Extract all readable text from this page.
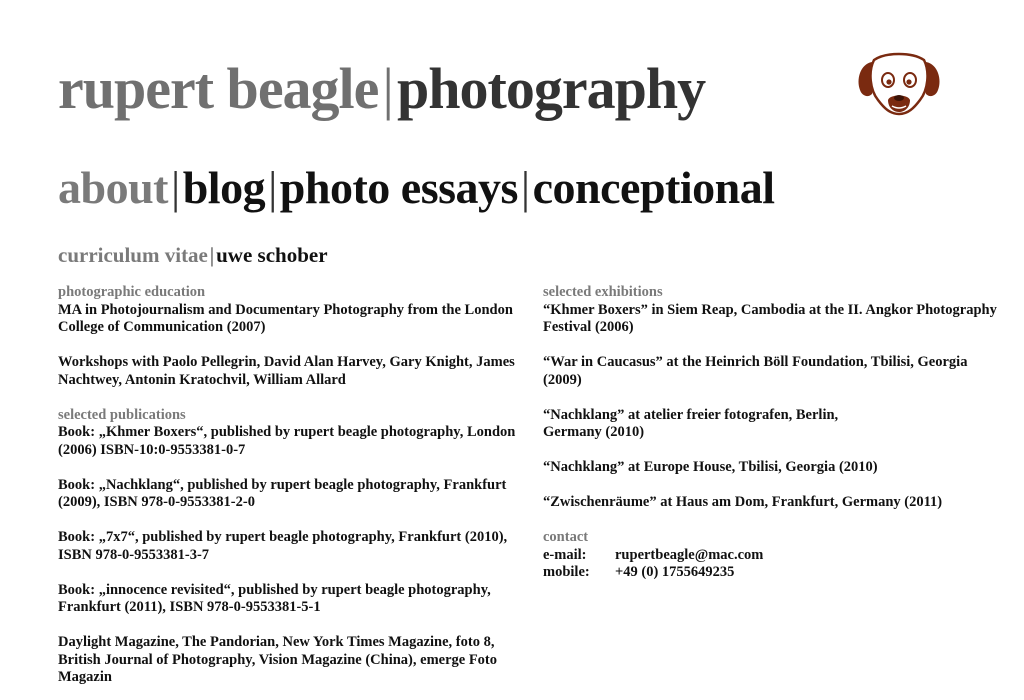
rupert beagle|photography
about|blog|photo essays|conceptional
curriculum vitae|uwe schober

photographic education

MA in Photojournalism and Documentary Photography from the London College of Communication (2007)

Workshops with Paolo Pellegrin, David Alan Harvey, Gary Knight, James Nachtwey, Antonin Kratochvil, William Allard

selected publications

Book: „Khmer Boxers“, published by rupert beagle photography, London (2006) ISBN-10:0-9553381-0-7

Book: „Nachklang“, published by rupert beagle photography, Frankfurt (2009), ISBN 978-0-9553381-2-0

Book: „7x7“, published by rupert beagle photography, Frankfurt (2010), ISBN 978-0-9553381-3-7

Book: „innocence revisited“, published by rupert beagle photography, Frankfurt (2011), ISBN 978-0-9553381-5-1

Daylight Magazine, The Pandorian, New York Times Magazine, foto 8, British Journal of Photography, Vision Magazine (China), emerge Foto Magazin

selected exhibitions

“Khmer Boxers” in Siem Reap, Cambodia at the II. Angkor Photography Festival (2006)

“War in Caucasus” at the Heinrich Böll Foundation, Tbilisi, Georgia (2009)

“Nachklang” at atelier freier fotografen, Berlin, Germany (2010)

“Nachklang” at Europe House, Tbilisi, Georgia (2010)

“Zwischenräume” at Haus am Dom, Frankfurt, Germany (2011)

contact

e-mail:	rupertbeagle@mac.com
mobile:	+49 (0) 1755649235
